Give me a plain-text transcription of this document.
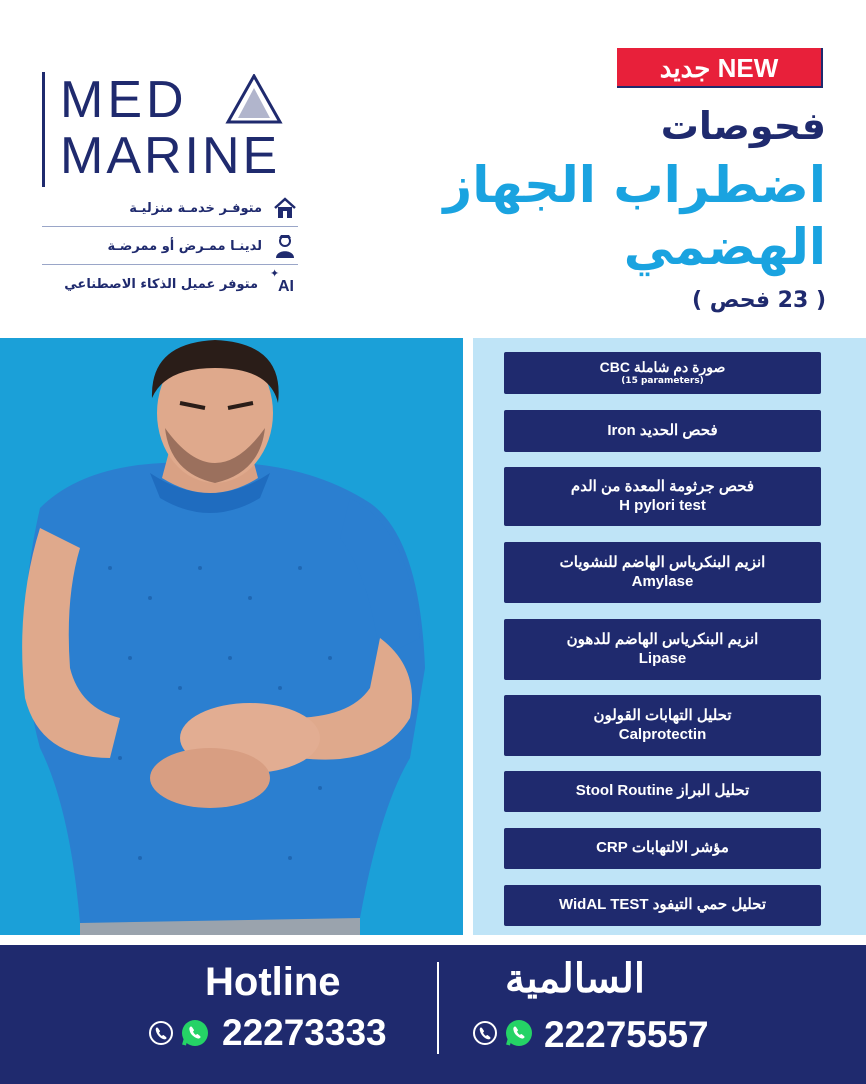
MED
MARINE
متوفـر خدمـة منزليـة
لدينـا ممـرض أو ممرضـة
متوفر عميل الذكاء الاصطناعي
✦
AI
جديد NEW
فحوصات
اضطراب الجهاز
الهضمي
( 23 فحص )
صورة دم شاملة CBC
(15 parameters)
فحص الحديد Iron
فحص جرثومة المعدة من الدم
H pylori test
انزيم البنكرياس الهاضم للنشويات
Amylase
انزيم البنكرياس الهاضم للدهون
Lipase
تحليل التهابات القولون
Calprotectin
تحليل البراز Stool Routine
مؤشر الالتهابات CRP
تحليل حمي التيفود WidAL TEST
Hotline
22273333
السالمية
22275557
